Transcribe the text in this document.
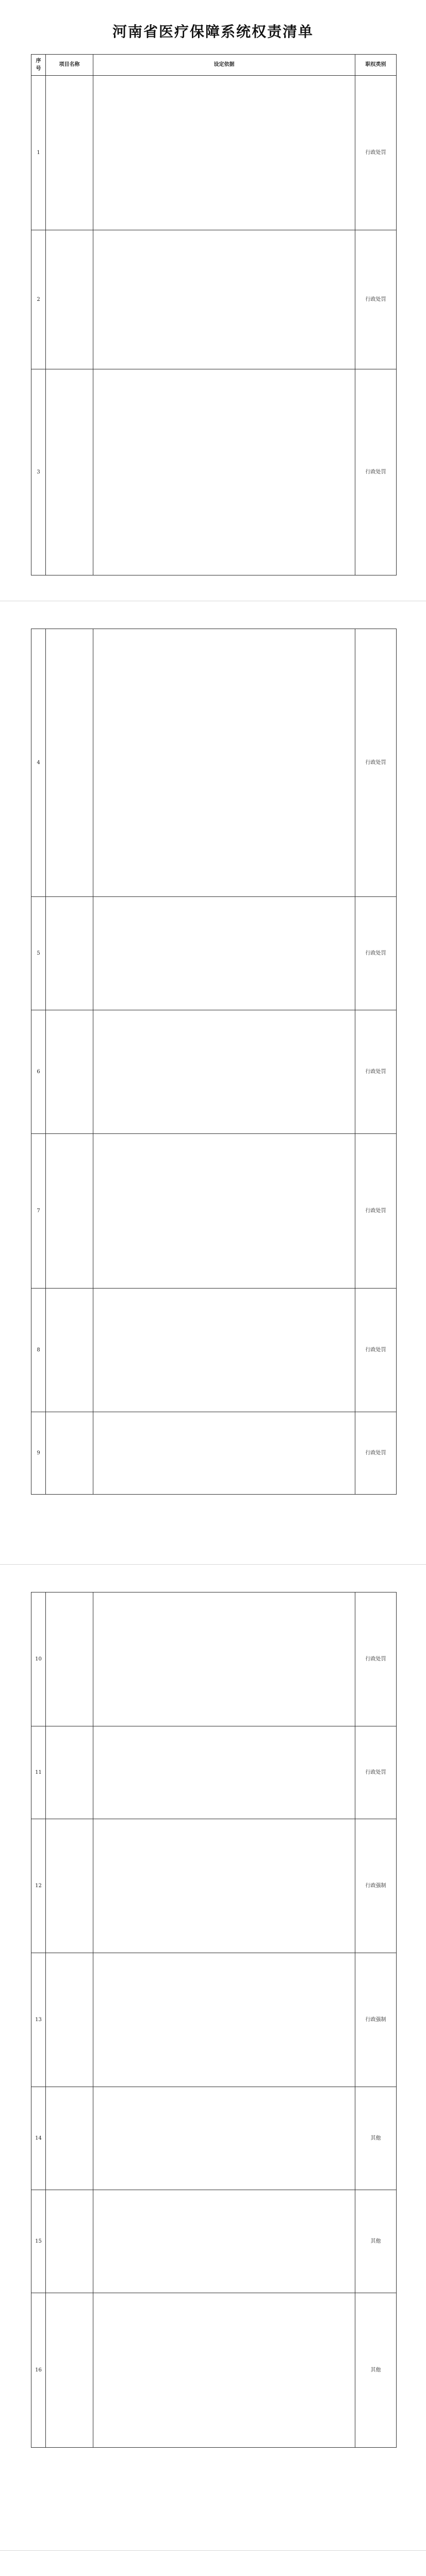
河南省医疗保障系统权责清单
序号	项目名称	设定依据	职权类别
1			行政处罚
2			行政处罚
3			行政处罚
4			行政处罚
5			行政处罚
6			行政处罚
7			行政处罚
8			行政处罚
9			行政处罚
10			行政处罚
11			行政处罚
12			行政强制
13			行政强制
14			其他
15			其他
16			其他
